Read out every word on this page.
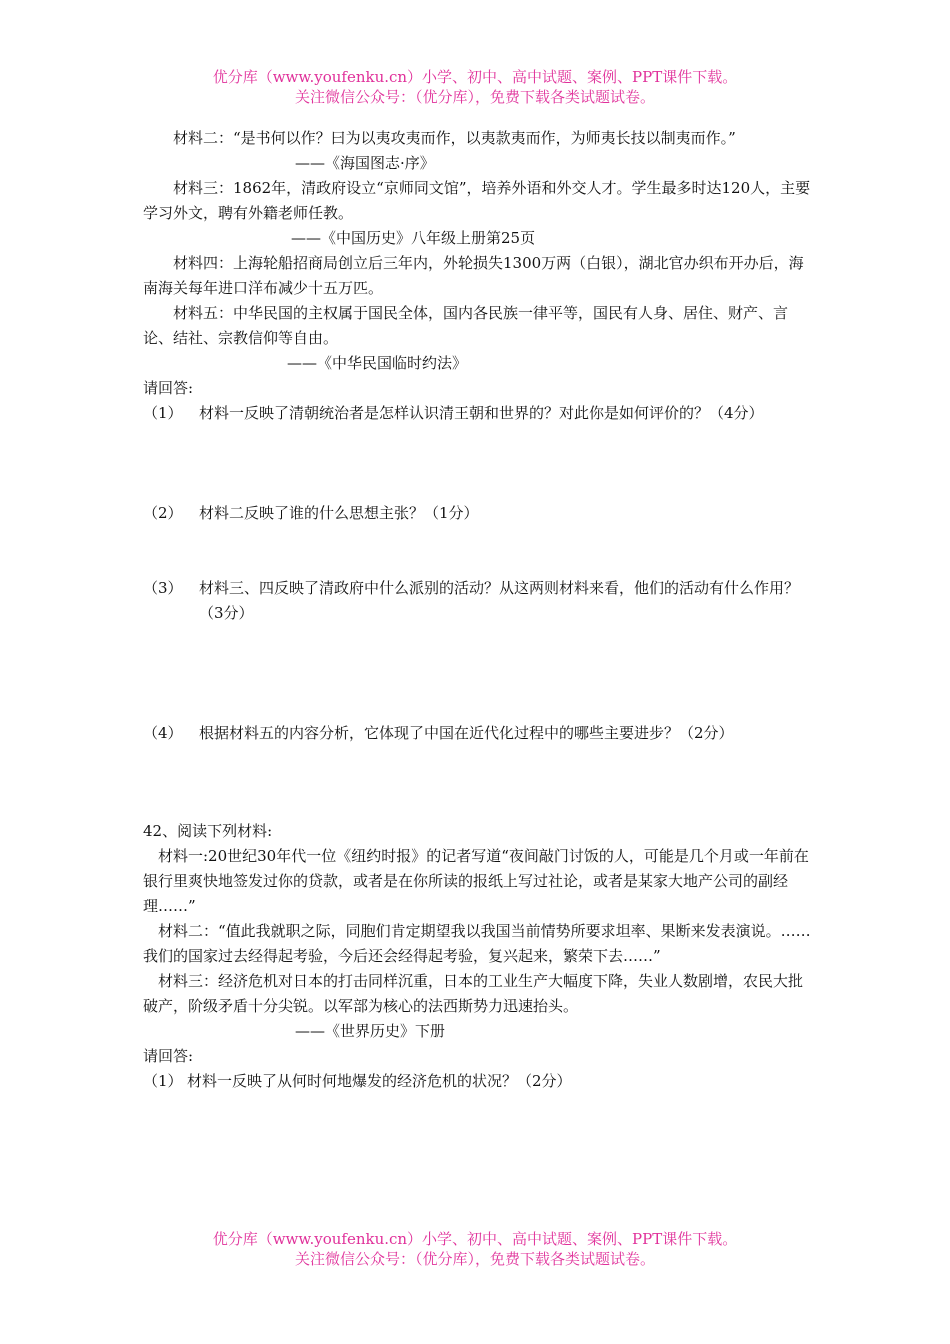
优分库（www.youfenku.cn）小学、初中、高中试题、案例、PPT课件下载。
关注微信公众号：（优分库），免费下载各类试题试卷。

材料二：“是书何以作？曰为以夷攻夷而作，以夷款夷而作，为师夷长技以制夷而作。”

——《海国图志·序》

材料三：1862年，清政府设立“京师同文馆”，培养外语和外交人才。学生最多时达120人，主要学习外文，聘有外籍老师任教。

——《中国历史》八年级上册第25页

材料四：上海轮船招商局创立后三年内，外轮损失1300万两（白银），湖北官办织布开办后，海南海关每年进口洋布减少十五万匹。

材料五：中华民国的主权属于国民全体，国内各民族一律平等，国民有人身、居住、财产、言论、结社、宗教信仰等自由。

——《中华民国临时约法》

请回答:

（1）	材料一反映了清朝统治者是怎样认识清王朝和世界的？对此你是如何评价的？（4分）
（2）	材料二反映了谁的什么思想主张？（1分）
（3）	材料三、四反映了清政府中什么派别的活动？从这两则材料来看，他们的活动有什么作用？（3分）
（4）	根据材料五的内容分析，它体现了中国在近代化过程中的哪些主要进步？（2分）

42、阅读下列材料:

材料一:20世纪30年代一位《纽约时报》的记者写道“夜间敲门讨饭的人，可能是几个月或一年前在银行里爽快地签发过你的贷款，或者是在你所读的报纸上写过社论，或者是某家大地产公司的副经理……”

材料二：“值此我就职之际，同胞们肯定期望我以我国当前情势所要求坦率、果断来发表演说。……我们的国家过去经得起考验，今后还会经得起考验，复兴起来，繁荣下去……”

材料三：经济危机对日本的打击同样沉重，日本的工业生产大幅度下降，失业人数剧增，农民大批破产，阶级矛盾十分尖锐。以军部为核心的法西斯势力迅速抬头。

——《世界历史》下册

请回答:

（1） 材料一反映了从何时何地爆发的经济危机的状况？（2分）
优分库（www.youfenku.cn）小学、初中、高中试题、案例、PPT课件下载。
关注微信公众号：（优分库），免费下载各类试题试卷。
